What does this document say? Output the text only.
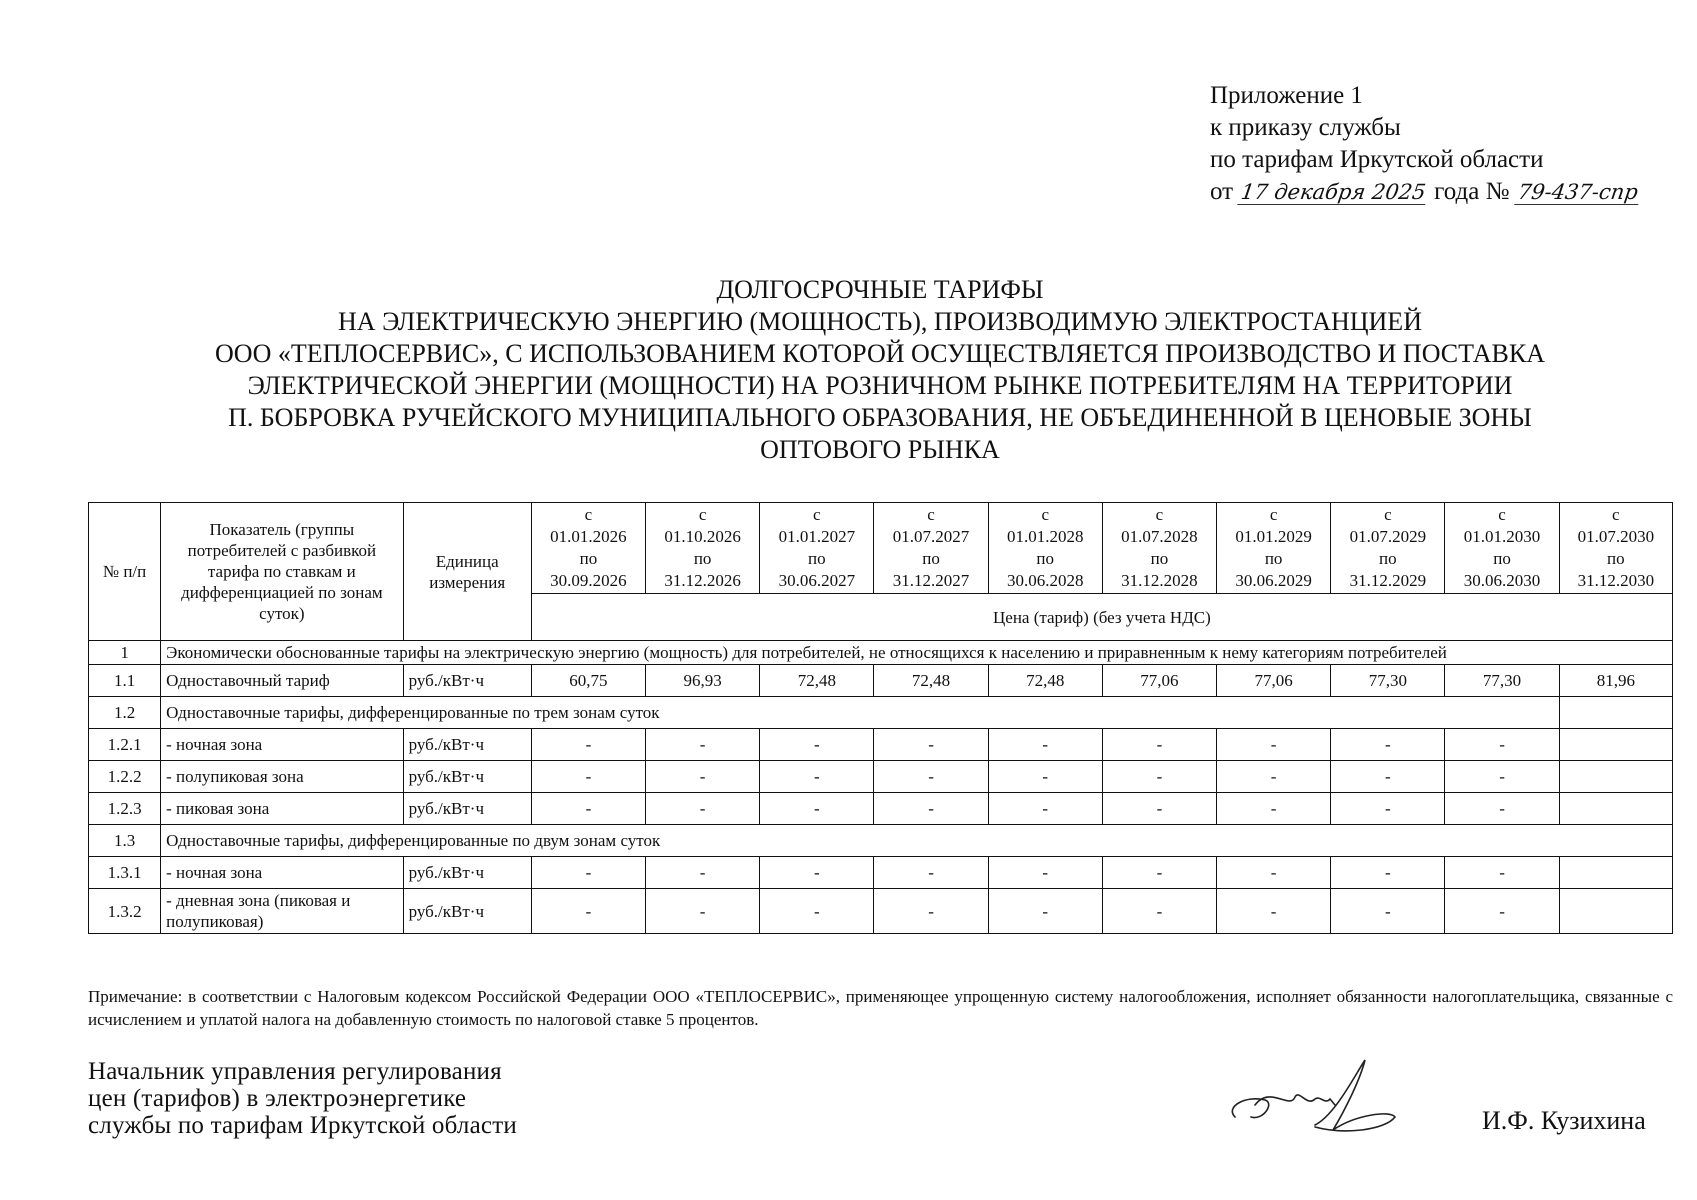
Приложение 1
к приказу службы
по тарифам Иркутской области
от 17 декабря 2025 года № 79-437-спр
ДОЛГОСРОЧНЫЕ ТАРИФЫ
НА ЭЛЕКТРИЧЕСКУЮ ЭНЕРГИЮ (МОЩНОСТЬ), ПРОИЗВОДИМУЮ ЭЛЕКТРОСТАНЦИЕЙ
ООО «ТЕПЛОСЕРВИС», С ИСПОЛЬЗОВАНИЕМ КОТОРОЙ ОСУЩЕСТВЛЯЕТСЯ ПРОИЗВОДСТВО И ПОСТАВКА
ЭЛЕКТРИЧЕСКОЙ ЭНЕРГИИ (МОЩНОСТИ) НА РОЗНИЧНОМ РЫНКЕ ПОТРЕБИТЕЛЯМ НА ТЕРРИТОРИИ
П. БОБРОВКА РУЧЕЙСКОГО МУНИЦИПАЛЬНОГО ОБРАЗОВАНИЯ, НЕ ОБЪЕДИНЕННОЙ В ЦЕНОВЫЕ ЗОНЫ
ОПТОВОГО РЫНКА
№ п/п	Показатель (группы потребителей с разбивкой тарифа по ставкам и дифференциацией по зонам суток)	Единица измерения	с
01.01.2026
по
30.09.2026	с
01.10.2026
по
31.12.2026	с
01.01.2027
по
30.06.2027	с
01.07.2027
по
31.12.2027	с
01.01.2028
по
30.06.2028	с
01.07.2028
по
31.12.2028	с
01.01.2029
по
30.06.2029	с
01.07.2029
по
31.12.2029	с
01.01.2030
по
30.06.2030	с
01.07.2030
по
31.12.2030
			Цена (тариф) (без учета НДС)									
1	Экономически обоснованные тарифы на электрическую энергию (мощность) для потребителей, не относящихся к населению и приравненным к нему категориям потребителей											
1.1	Одноставочный тариф	руб./кВт·ч	60,75	96,93	72,48	72,48	72,48	77,06	77,06	77,30	77,30	81,96
1.2	Одноставочные тарифы, дифференцированные по трем зонам суток											
1.2.1	- ночная зона	руб./кВт·ч	-	-	-	-	-	-	-	-	-	
1.2.2	- полупиковая зона	руб./кВт·ч	-	-	-	-	-	-	-	-	-	
1.2.3	- пиковая зона	руб./кВт·ч	-	-	-	-	-	-	-	-	-	
1.3	Одноставочные тарифы, дифференцированные по двум зонам суток											
1.3.1	- ночная зона	руб./кВт·ч	-	-	-	-	-	-	-	-	-	
1.3.2	- дневная зона (пиковая и полупиковая)	руб./кВт·ч	-	-	-	-	-	-	-	-	-	
Примечание: в соответствии с Налоговым кодексом Российской Федерации ООО «ТЕПЛОСЕРВИС», применяющее упрощенную систему налогообложения, исполняет обязанности налогоплательщика, связанные с исчислением и уплатой налога на добавленную стоимость по налоговой ставке 5 процентов.
Начальник управления регулирования
цен (тарифов) в электроэнергетике
службы по тарифам Иркутской области	И.Ф. Кузихина
